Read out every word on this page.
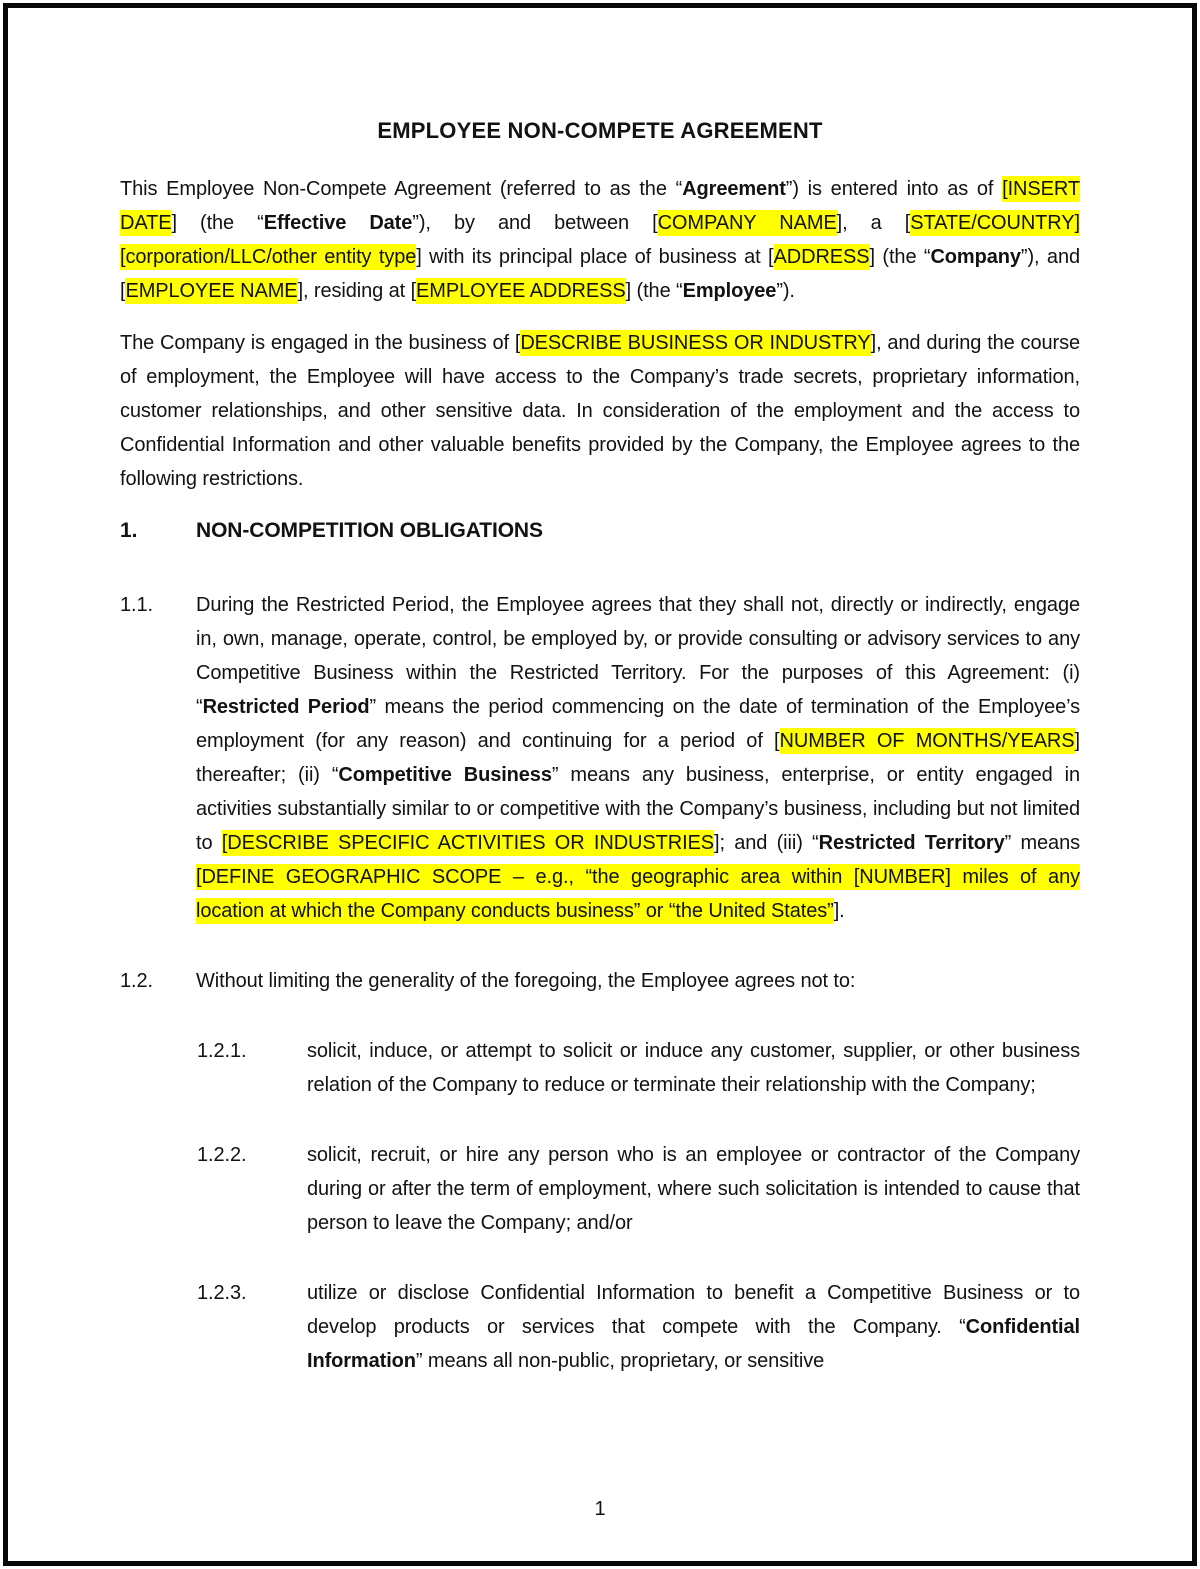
EMPLOYEE NON-COMPETE AGREEMENT
This Employee Non-Compete Agreement (referred to as the “Agreement”) is entered into as of [INSERT DATE] (the “Effective Date”), by and between [COMPANY NAME], a [STATE/COUNTRY] [corporation/LLC/other entity type] with its principal place of business at [ADDRESS] (the “Company”), and [EMPLOYEE NAME], residing at [EMPLOYEE ADDRESS] (the “Employee”).
The Company is engaged in the business of [DESCRIBE BUSINESS OR INDUSTRY], and during the course of employment, the Employee will have access to the Company’s trade secrets, proprietary information, customer relationships, and other sensitive data. In consideration of the employment and the access to Confidential Information and other valuable benefits provided by the Company, the Employee agrees to the following restrictions.
1.	NON-COMPETITION OBLIGATIONS
1.1.	During the Restricted Period, the Employee agrees that they shall not, directly or indirectly, engage in, own, manage, operate, control, be employed by, or provide consulting or advisory services to any Competitive Business within the Restricted Territory. For the purposes of this Agreement: (i) “Restricted Period” means the period commencing on the date of termination of the Employee’s employment (for any reason) and continuing for a period of [NUMBER OF MONTHS/YEARS] thereafter; (ii) “Competitive Business” means any business, enterprise, or entity engaged in activities substantially similar to or competitive with the Company’s business, including but not limited to [DESCRIBE SPECIFIC ACTIVITIES OR INDUSTRIES]; and (iii) “Restricted Territory” means [DEFINE GEOGRAPHIC SCOPE – e.g., “the geographic area within [NUMBER] miles of any location at which the Company conducts business” or “the United States”].
1.2.	Without limiting the generality of the foregoing, the Employee agrees not to:
1.2.1.	solicit, induce, or attempt to solicit or induce any customer, supplier, or other business relation of the Company to reduce or terminate their relationship with the Company;
1.2.2.	solicit, recruit, or hire any person who is an employee or contractor of the Company during or after the term of employment, where such solicitation is intended to cause that person to leave the Company; and/or
1.2.3.	utilize or disclose Confidential Information to benefit a Competitive Business or to develop products or services that compete with the Company. “Confidential Information” means all non-public, proprietary, or sensitive
1
